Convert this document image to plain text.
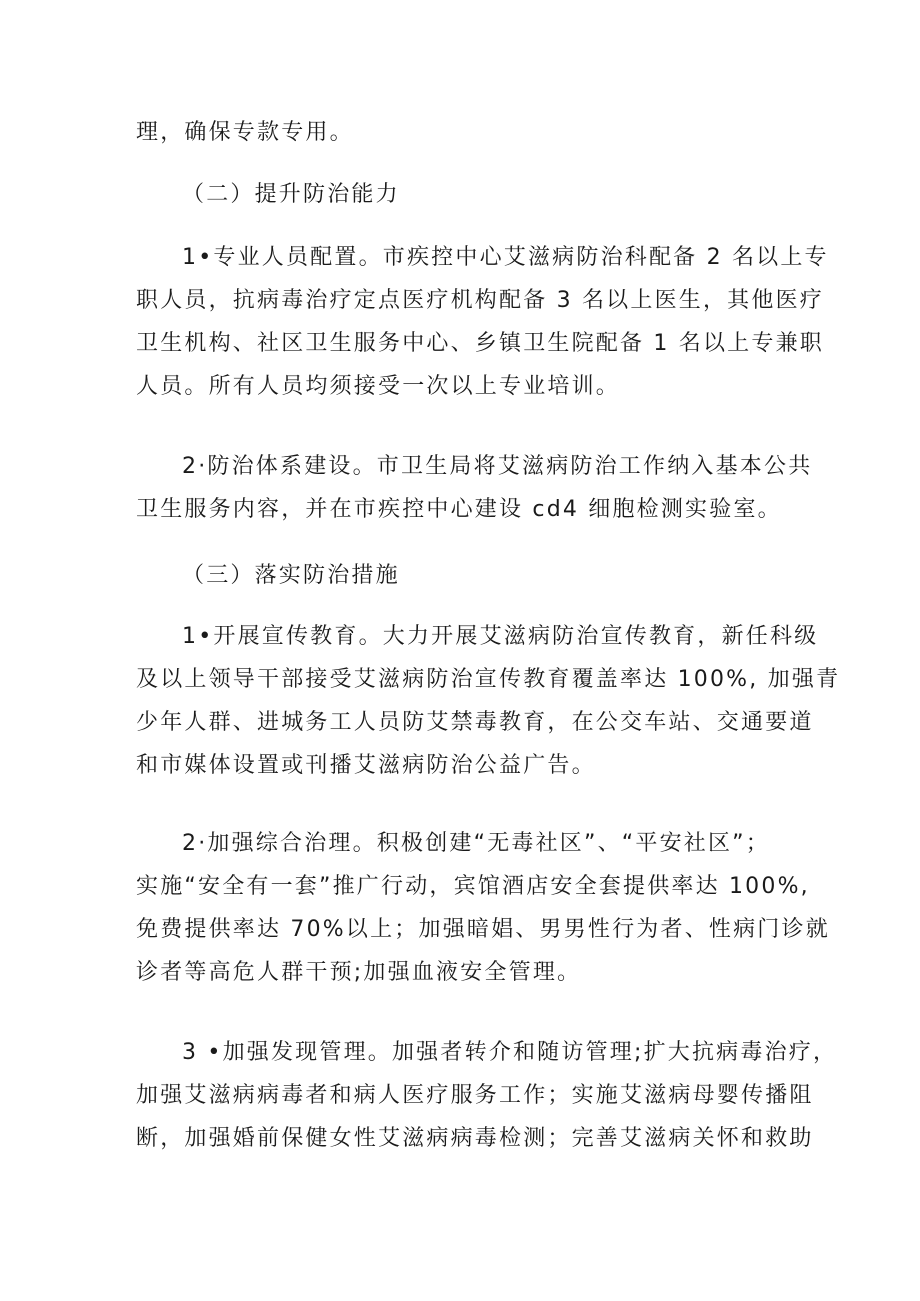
理，确保专款专用。
（二）提升防治能力
1•专业人员配置。市疾控中心艾滋病防治科配备 2 名以上专
职人员，抗病毒治疗定点医疗机构配备 3 名以上医生，其他医疗
卫生机构、社区卫生服务中心、乡镇卫生院配备 1 名以上专兼职
人员。所有人员均须接受一次以上专业培训。
2·防治体系建设。市卫生局将艾滋病防治工作纳入基本公共
卫生服务内容，并在市疾控中心建设 cd4 细胞检测实验室。
（三）落实防治措施
1•开展宣传教育。大力开展艾滋病防治宣传教育，新任科级
及以上领导干部接受艾滋病防治宣传教育覆盖率达 100%, 加强青
少年人群、进城务工人员防艾禁毒教育，在公交车站、交通要道
和市媒体设置或刊播艾滋病防治公益广告。
2·加强综合治理。积极创建“无毒社区”、“平安社区”；
实施“安全有一套”推广行动，宾馆酒店安全套提供率达 100%,
免费提供率达 70%以上；加强暗娼、男男性行为者、性病门诊就
诊者等高危人群干预;加强血液安全管理。
3 •加强发现管理。加强者转介和随访管理;扩大抗病毒治疗，
加强艾滋病病毒者和病人医疗服务工作；实施艾滋病母婴传播阻
断，加强婚前保健女性艾滋病病毒检测；完善艾滋病关怀和救助
